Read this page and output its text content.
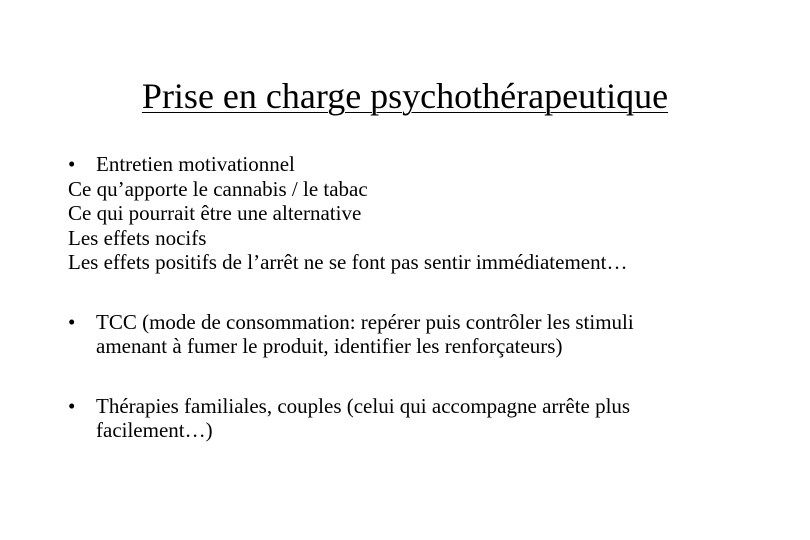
Prise en charge psychothérapeutique
• Entretien motivationnel
Ce qu’apporte le cannabis / le tabac
Ce qui pourrait être une alternative
Les effets nocifs
Les effets positifs de l’arrêt ne se font pas sentir immédiatement…
• TCC (mode de consommation: repérer puis contrôler les stimuli
amenant à fumer le produit, identifier les renforçateurs)
• Thérapies familiales, couples (celui qui accompagne arrête plus
facilement…)
